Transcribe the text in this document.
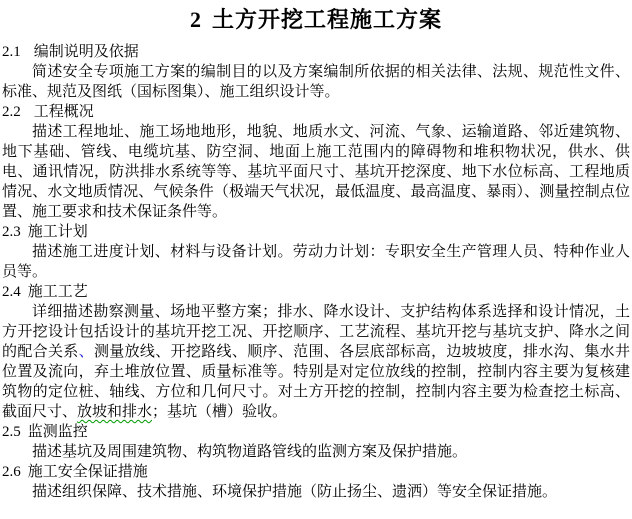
2 土方开挖工程施工方案
2.1 编制说明及依据

简述安全专项施工方案的编制目的以及方案编制所依据的相关法律、法规、规范性文件、标准、规范及图纸（国标图集）、施工组织设计等。

2.2 工程概况

描述工程地址、施工场地地形，地貌、地质水文、河流、气象、运输道路、邻近建筑物、地下基础、管线、电缆坑基、防空洞、地面上施工范围内的障碍物和堆积物状况，供水、供电、通讯情况，防洪排水系统等等、基坑平面尺寸、基坑开挖深度、地下水位标高、工程地质情况、水文地质情况、气候条件（极端天气状况，最低温度、最高温度、暴雨）、测量控制点位置、施工要求和技术保证条件等。

2.3 施工计划

描述施工进度计划、材料与设备计划。劳动力计划：专职安全生产管理人员、特种作业人员等。

2.4 施工工艺

详细描述勘察测量、场地平整方案；排水、降水设计、支护结构体系选择和设计情况，土方开挖设计包括设计的基坑开挖工况、开挖顺序、工艺流程、基坑开挖与基坑支护、降水之间的配合关系、测量放线、开挖路线、顺序、范围、各层底部标高，边坡坡度，排水沟、集水井位置及流向，弃土堆放位置、质量标准等。特别是对定位放线的控制，控制内容主要为复核建筑物的定位桩、轴线、方位和几何尺寸。对土方开挖的控制，控制内容主要为检查挖土标高、截面尺寸、放坡和排水；基坑（槽）验收。

2.5 监测监控

描述基坑及周围建筑物、构筑物道路管线的监测方案及保护措施。

2.6 施工安全保证措施

描述组织保障、技术措施、环境保护措施（防止扬尘、遗洒）等安全保证措施。
